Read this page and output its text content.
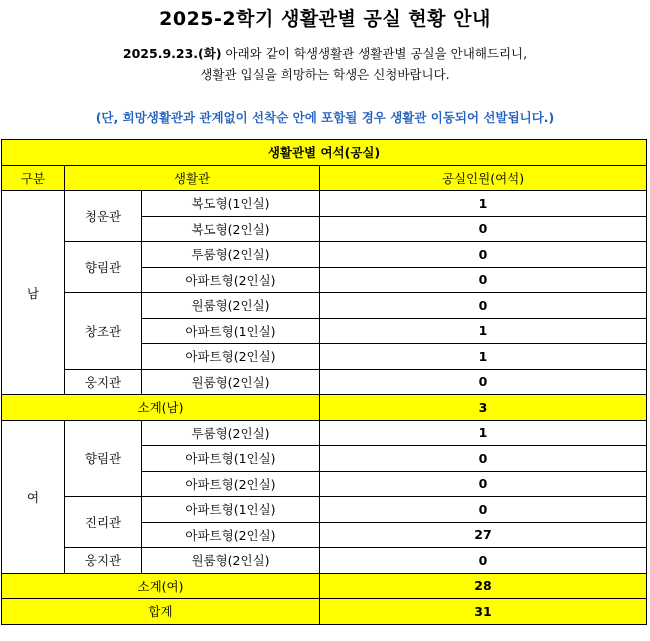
2025-2학기 생활관별 공실 현황 안내
2025.9.23.(화) 아래와 같이 학생생활관 생활관별 공실을 안내해드리니,
생활관 입실을 희망하는 학생은 신청바랍니다.
(단, 희망생활관과 관계없이 선착순 안에 포함될 경우 생활관 이동되어 선발됩니다.)
생활관별 여석(공실)			
구분	생활관		공실인원(여석)
남	청운관	복도형(1인실)	1
		복도형(2인실)	0
	향림관	투룸형(2인실)	0
		아파트형(2인실)	0
	창조관	원룸형(2인실)	0
		아파트형(1인실)	1
		아파트형(2인실)	1
	웅지관	원룸형(2인실)	0
소계(남)			3
여	향림관	투룸형(2인실)	1
		아파트형(1인실)	0
		아파트형(2인실)	0
	진리관	아파트형(1인실)	0
		아파트형(2인실)	27
	웅지관	원룸형(2인실)	0
소계(여)			28
합계			31
